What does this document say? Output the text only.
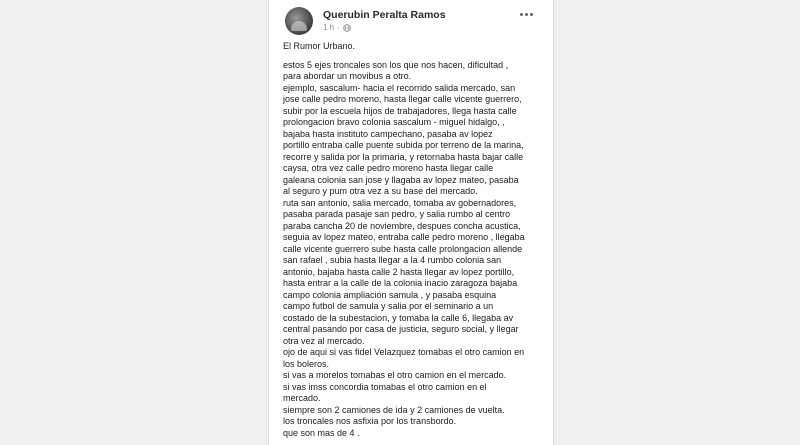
Querubin Peralta Ramos
1 h ·
El Rumor Urbano.
estos 5 ejes troncales son los que nos hacen, dificultad ,
para abordar un movibus a otro.
ejemplo, sascalum- hacia el recorrido salida mercado, san
jose calle pedro moreno, hasta llegar calle vicente guerrero,
subir por la escuela hijos de trabajadores, llega hasta calle
prolongacion bravo colonia sascalum - miguel hidalgo, ,
bajaba hasta instituto campechano, pasaba av lopez
portillo entraba calle puente subida por terreno de la marina,
recorre y salida por la primaria, y retornaba hasta bajar calle
caysa, otra vez calle pedro moreno hasta llegar calle
galeana colonia san jose y llagaba av lopez mateo, pasaba
al seguro y pum otra vez a su base del mercado.
ruta san antonio, salia mercado, tomaba av gobernadores,
pasaba parada pasaje san pedro, y salia rumbo al centro
paraba cancha 20 de noviembre, despues concha acustica,
seguia av lopez mateo, entraba calle pedro moreno , llegaba
calle vicente guerrero sube hasta calle prolongacion allende
san rafael , subia hasta llegar a la 4 rumbo colonia san
antonio, bajaba hasta calle 2 hasta llegar av lopez portillo,
hasta entrar a la calle de la colonia inacio zaragoza bajaba
campo colonia ampliación samula , y pasaba esquina
campo futbol de samula y salia por el seminario a un
costado de la subestacion, y tomaba la calle 6, llegaba av
central pasando por casa de justicia, seguro social, y llegar
otra vez al mercado.
ojo de aqui si vas fidel Velazquez tomabas el otro camion en
los boleros.
si vas a morelos tomabas el otro camion en el mercado.
si vas imss concordia tomabas el otro camion en el
mercado.
siempre son 2 camiones de ida y 2 camiones de vuelta.
los troncales nos asfixia por los transbordo.
que son mas de 4 .
